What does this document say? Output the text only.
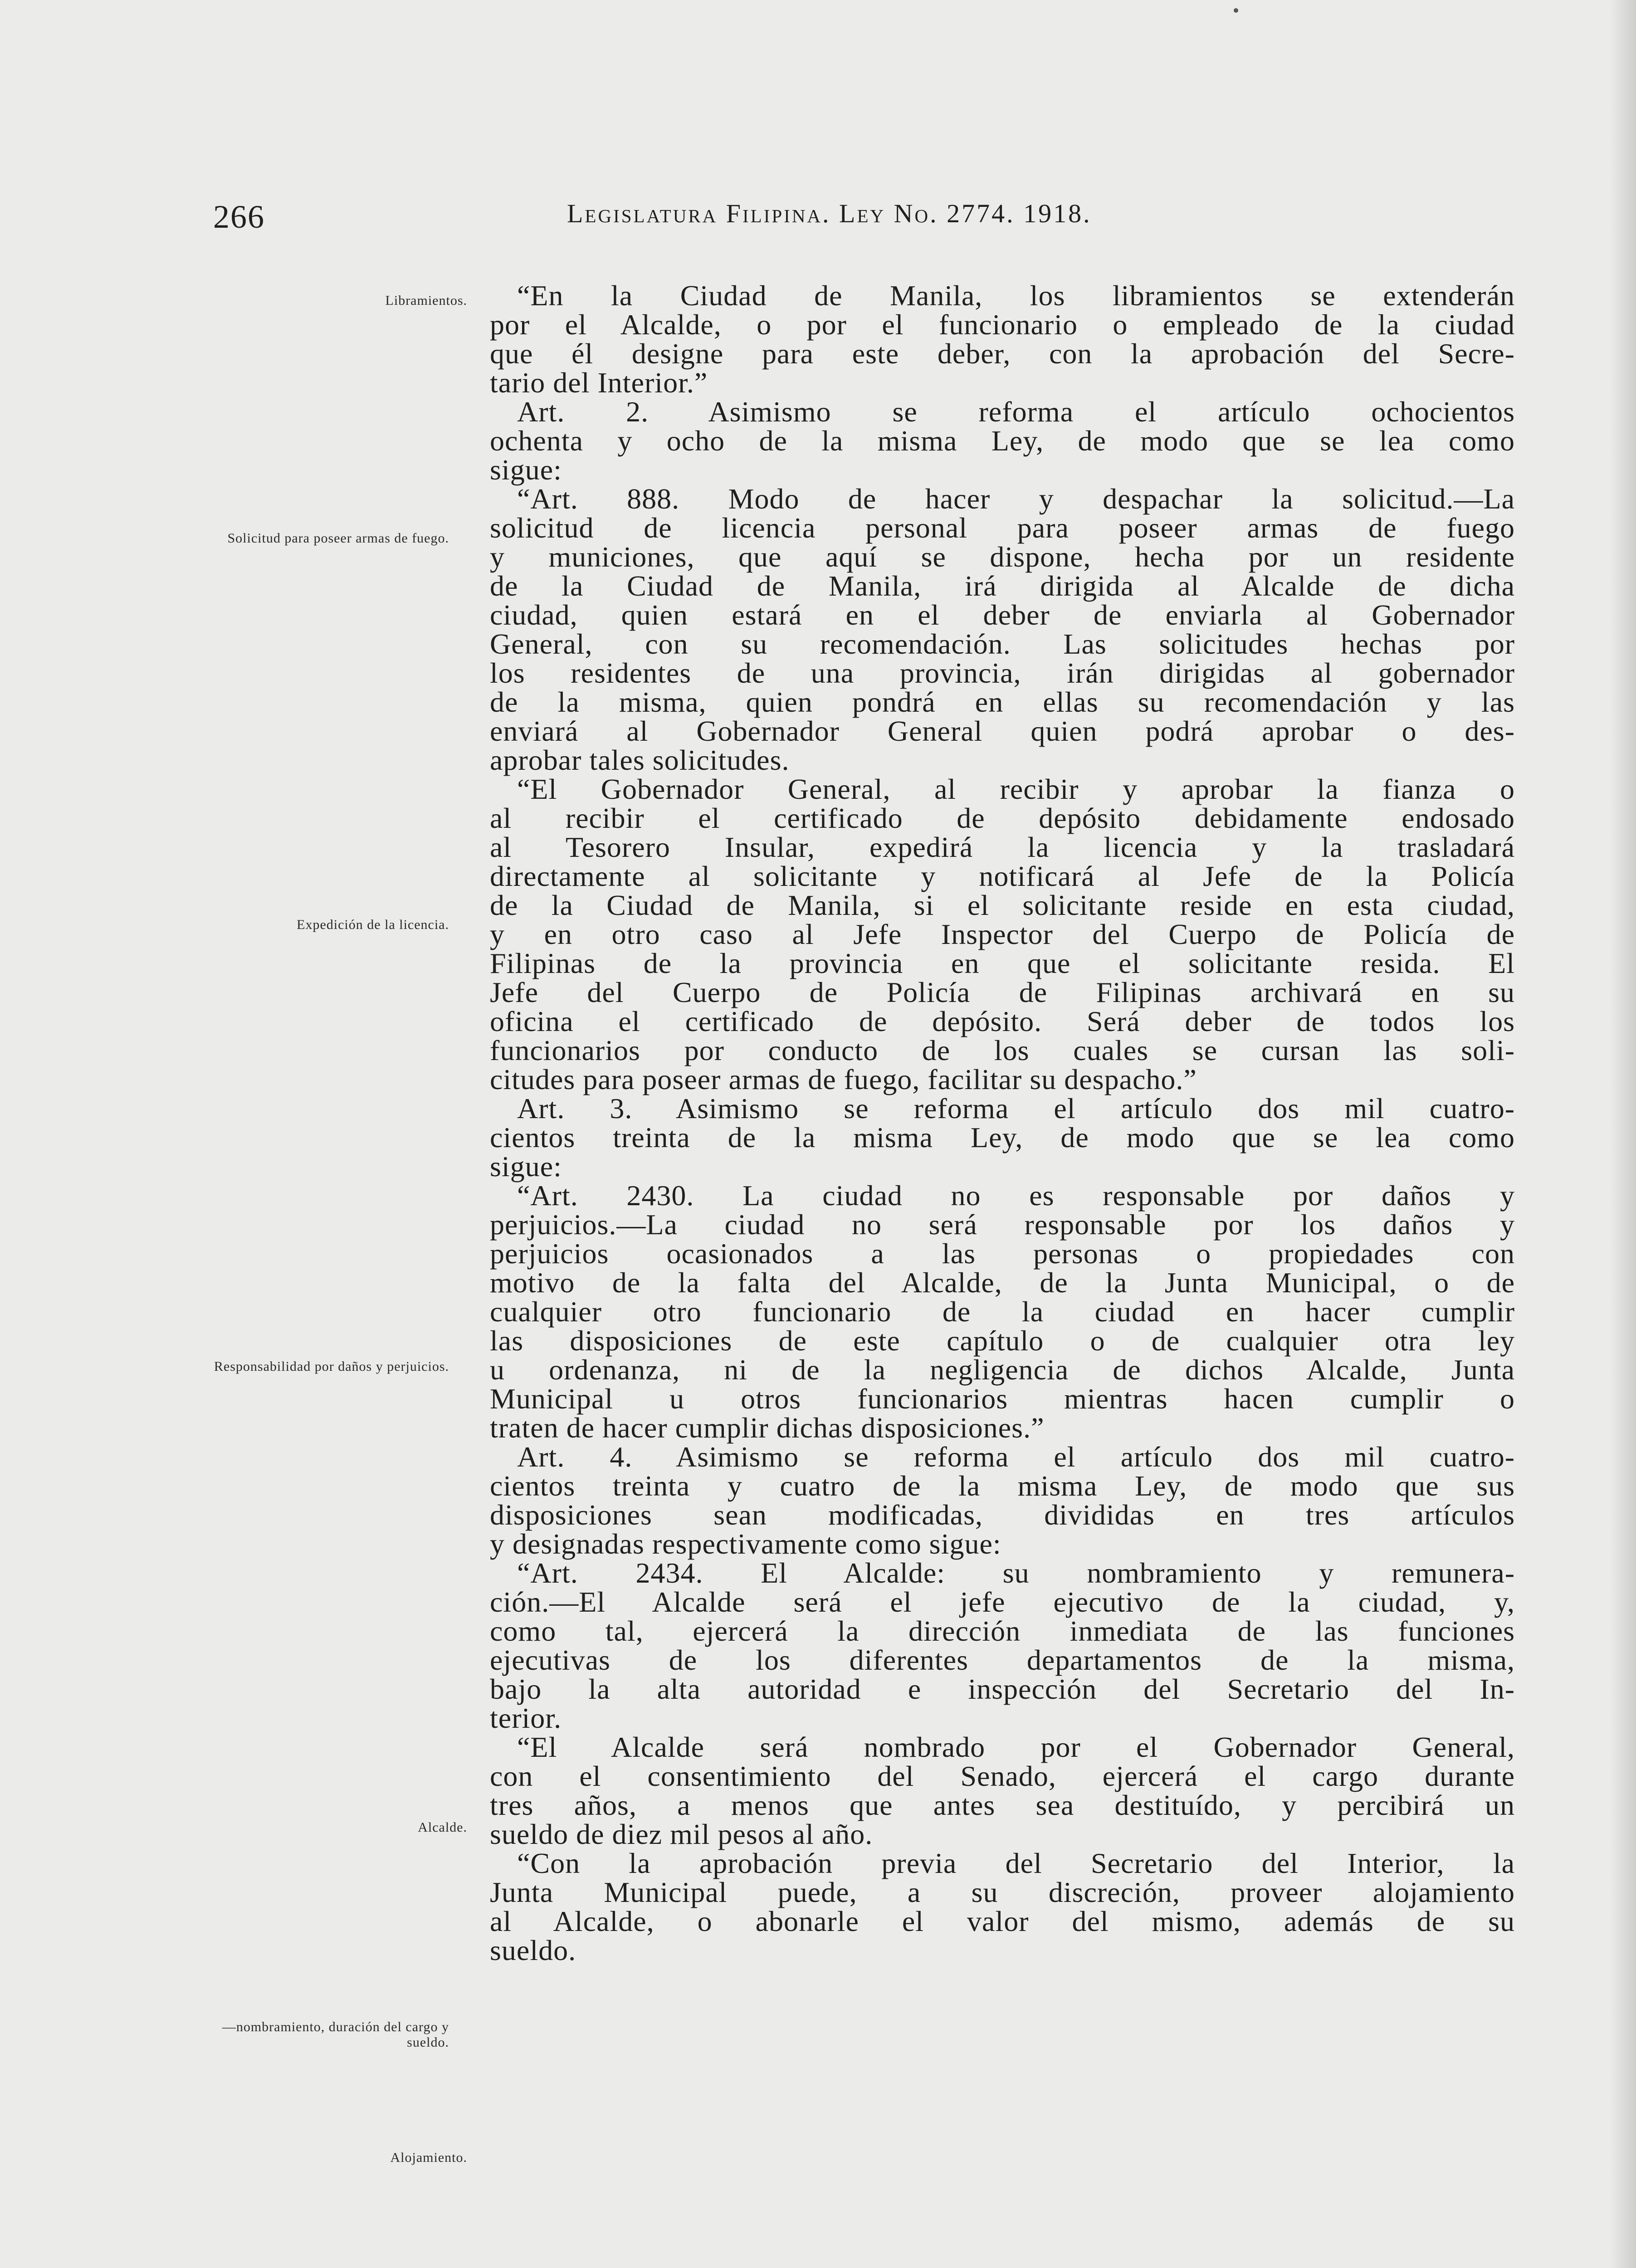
266	Legislatura Filipina. Ley No. 2774. 1918.
Libramientos.
Solicitud para poseer armas de fuego.
Expedición de la licencia.
Responsabilidad por daños y perjuicios.
Alcalde.
—nombramiento, duración del cargo y sueldo.
Alojamiento.
“En la Ciudad de Manila, los libramientos se extenderán
por el Alcalde, o por el funcionario o empleado de la ciudad
que él designe para este deber, con la aprobación del Secre-
tario del Interior.”
Art. 2. Asimismo se reforma el artículo ochocientos
ochenta y ocho de la misma Ley, de modo que se lea como
sigue:
“Art. 888. Modo de hacer y despachar la solicitud.—La
solicitud de licencia personal para poseer armas de fuego
y municiones, que aquí se dispone, hecha por un residente
de la Ciudad de Manila, irá dirigida al Alcalde de dicha
ciudad, quien estará en el deber de enviarla al Gobernador
General, con su recomendación. Las solicitudes hechas por
los residentes de una provincia, irán dirigidas al gobernador
de la misma, quien pondrá en ellas su recomendación y las
enviará al Gobernador General quien podrá aprobar o des-
aprobar tales solicitudes.
“El Gobernador General, al recibir y aprobar la fianza o
al recibir el certificado de depósito debidamente endosado
al Tesorero Insular, expedirá la licencia y la trasladará
directamente al solicitante y notificará al Jefe de la Policía
de la Ciudad de Manila, si el solicitante reside en esta ciudad,
y en otro caso al Jefe Inspector del Cuerpo de Policía de
Filipinas de la provincia en que el solicitante resida. El
Jefe del Cuerpo de Policía de Filipinas archivará en su
oficina el certificado de depósito. Será deber de todos los
funcionarios por conducto de los cuales se cursan las soli-
citudes para poseer armas de fuego, facilitar su despacho.”
Art. 3. Asimismo se reforma el artículo dos mil cuatro-
cientos treinta de la misma Ley, de modo que se lea como
sigue:
“Art. 2430. La ciudad no es responsable por daños y
perjuicios.—La ciudad no será responsable por los daños y
perjuicios ocasionados a las personas o propiedades con
motivo de la falta del Alcalde, de la Junta Municipal, o de
cualquier otro funcionario de la ciudad en hacer cumplir
las disposiciones de este capítulo o de cualquier otra ley
u ordenanza, ni de la negligencia de dichos Alcalde, Junta
Municipal u otros funcionarios mientras hacen cumplir o
traten de hacer cumplir dichas disposiciones.”
Art. 4. Asimismo se reforma el artículo dos mil cuatro-
cientos treinta y cuatro de la misma Ley, de modo que sus
disposiciones sean modificadas, divididas en tres artículos
y designadas respectivamente como sigue:
“Art. 2434. El Alcalde: su nombramiento y remunera-
ción.—El Alcalde será el jefe ejecutivo de la ciudad, y,
como tal, ejercerá la dirección inmediata de las funciones
ejecutivas de los diferentes departamentos de la misma,
bajo la alta autoridad e inspección del Secretario del In-
terior.
“El Alcalde será nombrado por el Gobernador General,
con el consentimiento del Senado, ejercerá el cargo durante
tres años, a menos que antes sea destituído, y percibirá un
sueldo de diez mil pesos al año.
“Con la aprobación previa del Secretario del Interior, la
Junta Municipal puede, a su discreción, proveer alojamiento
al Alcalde, o abonarle el valor del mismo, además de su
sueldo.
